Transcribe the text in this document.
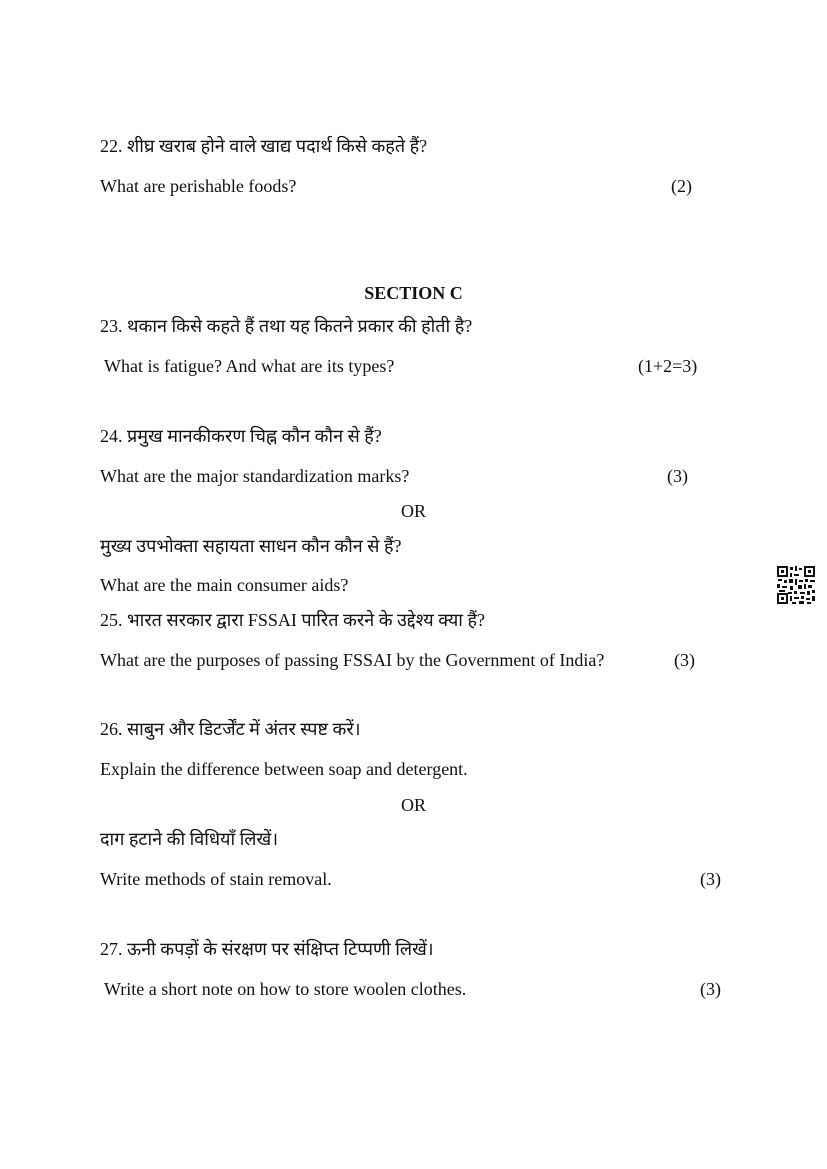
22. शीघ्र खराब होने वाले खाद्य पदार्थ किसे कहते हैं?
What are perishable foods?	(2)
SECTION C
23. थकान किसे कहते हैं तथा यह कितने प्रकार की होती है?
What is fatigue? And what are its types?	(1+2=3)
24. प्रमुख मानकीकरण चिह्न कौन कौन से हैं?
What are the major standardization marks?	(3)
OR
मुख्य उपभोक्ता सहायता साधन कौन कौन से हैं?
What are the main consumer aids?
25. भारत सरकार द्वारा FSSAI पारित करने के उद्देश्य क्या हैं?
What are the purposes of passing FSSAI by the Government of India?	(3)
26. साबुन और डिटर्जेंट में अंतर स्पष्ट करें।
Explain the difference between soap and detergent.
OR
दाग हटाने की विधियाँ लिखें।
Write methods of stain removal.	(3)
27. ऊनी कपड़ों के संरक्षण पर संक्षिप्त टिप्पणी लिखें।
Write a short note on how to store woolen clothes.	(3)
